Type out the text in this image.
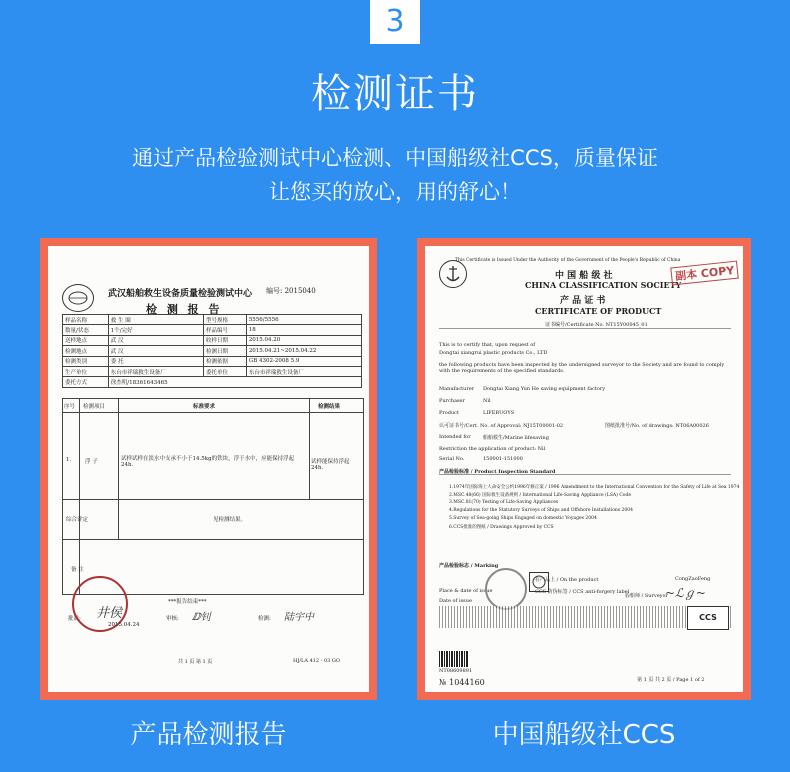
3
检测证书
通过产品检验测试中心检测、中国船级社CCS，质量保证
让您买的放心，用的舒心！
武汉船舶救生设备质量检验测试中心 编号: 2015040
检 测 报 告
样品名称	救 生 圈	型号规格	5556/5556
数量/状态	1个/完好	样品编号	18
送样地点	武 汉	收样日期	2015.04.20
检测地点	武 汉	检测日期	2015.04.21~2015.04.22
检测类别	委 托	检测依据	GB 4302-2008 5.9
生产单位	东台市祥瑞救生设备厂	委托单位	东台市祥瑞救生设备厂
委托方式	徐杰明/18361643465		
序号 检测项目	标准要求	检测结果
1.	浮 子	试样试样在淡水中支承不小于14.5kg的铁块，浮于水中，应能保持浮起24h.	试样能保持浮起24h.
综合评定	见检测结果。
备 注
***报告结束***
批准:	审核:	检测:
井侯	ⅅ钊	陆宇中
2015.04.24
共 1 页 第 1 页	HJ/LA 412 - 03 GO
This Certificate is Issued Under the Authority of the Government of the People's Republic of China
中 国 船 级 社
CHINA CLASSIFICATION SOCIETY
产 品 证 书
CERTIFICATE OF PRODUCT
副本 COPY
证书编号/Certificate No. NT15Y00045_01
This is to certify that, upon request of
Dongtai xiangrui plastic products Co., LTD
the following products have been inspected by the undersigned surveyor to the Society and are found to comply with the requirements of the specified standards.
Manufacturer Dongtai Xiang Yun He saving equipment factory
Purchaser	Nil
Product	LIFEBUOYS
认可证书号/Cert. No. of Approval: NJ15T00001-02	图纸批准号/No. of drawings: NT06A00026
Intended for 船舶救生/Marine lifesaving
Restriction the application of product: Nil
Serial No.	150001-151000
产品检验标准 / Product Inspection Standard
1.1974年国际海上人命安全公约1996年修正案 / 1996 Amendment to the International Convention for the Safety of Life at Sea 1974
2.MSC.48(66) 国际救生设备规则 / International Life-Saving Appliance (LSA) Code
3.MSC.81(70) Testing of Life-Saving Appliances
4.Regulations for the Statutory Surveys of Ships and Offshore Installations 2004
5.Survey of Sea-going Ships Engaged on domestic Voyages 2004
6.CCS批准的图纸 / Drawings Approved by CCS
产品检验标志 / Marking
在产品上 / On the product
CCS 防伪标签 / CCS anti-forgery label
Place & date of issue
Date of issue
验船师 / Surveyor
CongZaoFeng
~ℒℊ~
CCS
NT08609891
№ 1044160	第 1 页 共 2 页 / Page 1 of 2
产品检测报告	中国船级社CCS
